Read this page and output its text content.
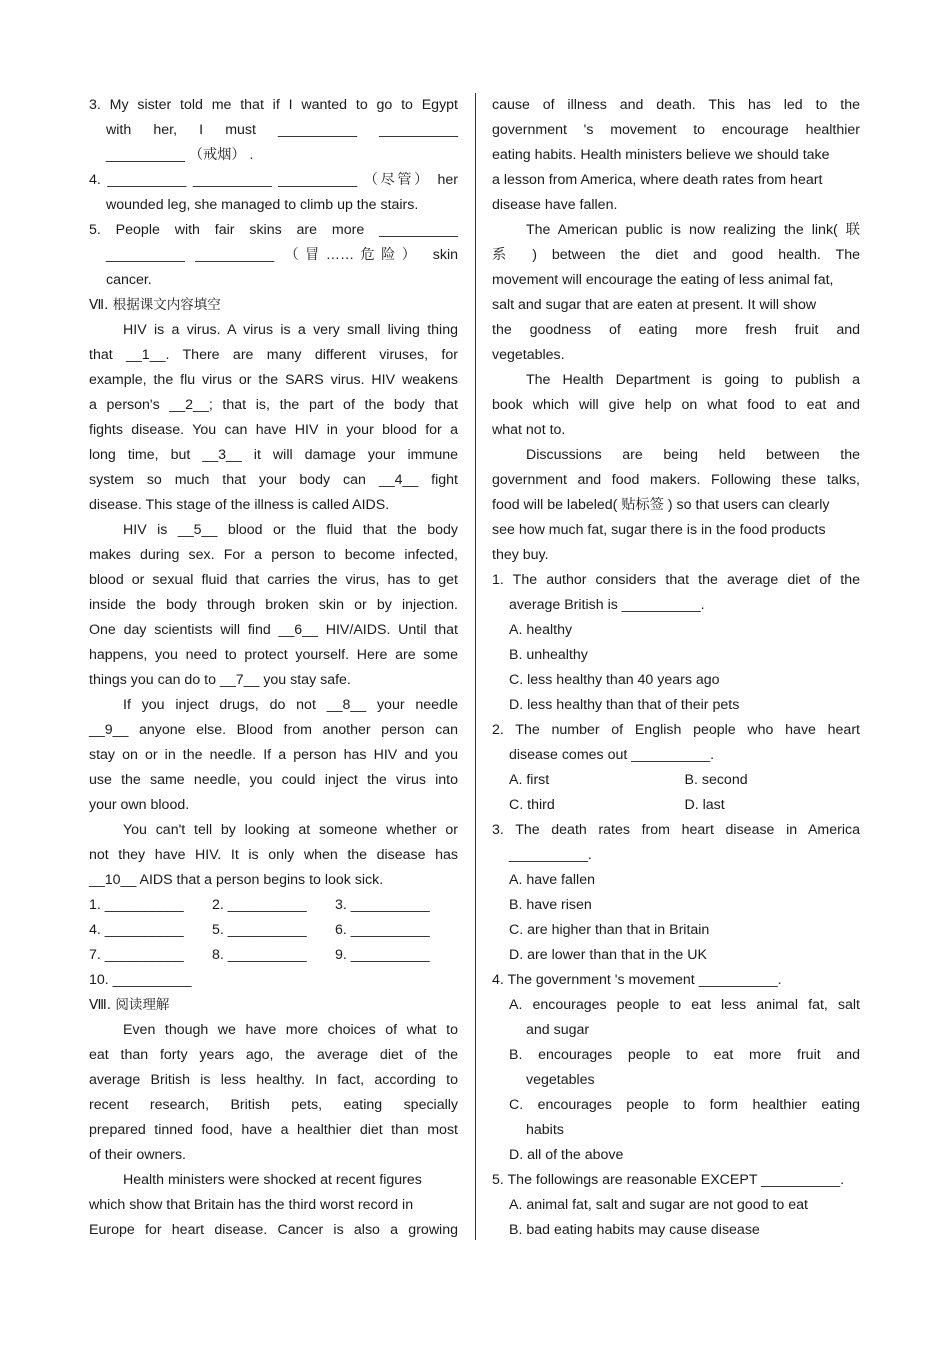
3. My sister told me that if I wanted to go to Egypt
with her, I must __________ __________
__________ （戒烟） .
4. __________ __________ __________ （尽管） her
wounded leg, she managed to climb up the stairs.
5. People with fair skins are more __________
__________ __________ （冒……危险） skin
cancer.
Ⅶ. 根据课文内容填空
HIV is a virus. A virus is a very small living thing
that __1__. There are many different viruses, for
example, the flu virus or the SARS virus. HIV weakens
a person's __2__; that is, the part of the body that
fights disease. You can have HIV in your blood for a
long time, but __3__ it will damage your immune
system so much that your body can __4__ fight
disease. This stage of the illness is called AIDS.
HIV is __5__ blood or the fluid that the body
makes during sex. For a person to become infected,
blood or sexual fluid that carries the virus, has to get
inside the body through broken skin or by injection.
One day scientists will find __6__ HIV/AIDS. Until that
happens, you need to protect yourself. Here are some
things you can do to __7__ you stay safe.
If you inject drugs, do not __8__ your needle
__9__ anyone else. Blood from another person can
stay on or in the needle. If a person has HIV and you
use the same needle, you could inject the virus into
your own blood.
You can't tell by looking at someone whether or
not they have HIV. It is only when the disease has
__10__ AIDS that a person begins to look sick.
1. __________	2. __________	3. __________
4. __________	5. __________	6. __________
7. __________	8. __________	9. __________
10. __________
Ⅷ. 阅读理解
Even though we have more choices of what to
eat than forty years ago, the average diet of the
average British is less healthy. In fact, according to
recent research, British pets, eating specially
prepared tinned food, have a healthier diet than most
of their owners.
Health ministers were shocked at recent figures
which show that Britain has the third worst record in
Europe for heart disease. Cancer is also a growing
cause of illness and death. This has led to the
government 's movement to encourage healthier
eating habits. Health ministers believe we should take
a lesson from America, where death rates from heart
disease have fallen.
The American public is now realizing the link( 联
系 ) between the diet and good health. The
movement will encourage the eating of less animal fat,
salt and sugar that are eaten at present. It will show
the goodness of eating more fresh fruit and
vegetables.
The Health Department is going to publish a
book which will give help on what food to eat and
what not to.
Discussions are being held between the
government and food makers. Following these talks,
food will be labeled( 贴标签 ) so that users can clearly
see how much fat, sugar there is in the food products
they buy.
1. The author considers that the average diet of the
average British is __________.
A. healthy
B. unhealthy
C. less healthy than 40 years ago
D. less healthy than that of their pets
2. The number of English people who have heart
disease comes out __________.
A. first	B. second
C. third	D. last
3. The death rates from heart disease in America
__________.
A. have fallen
B. have risen
C. are higher than that in Britain
D. are lower than that in the UK
4. The government 's movement __________.
A. encourages people to eat less animal fat, salt
and sugar
B. encourages people to eat more fruit and
vegetables
C. encourages people to form healthier eating
habits
D. all of the above
5. The followings are reasonable EXCEPT __________.
A. animal fat, salt and sugar are not good to eat
B. bad eating habits may cause disease
